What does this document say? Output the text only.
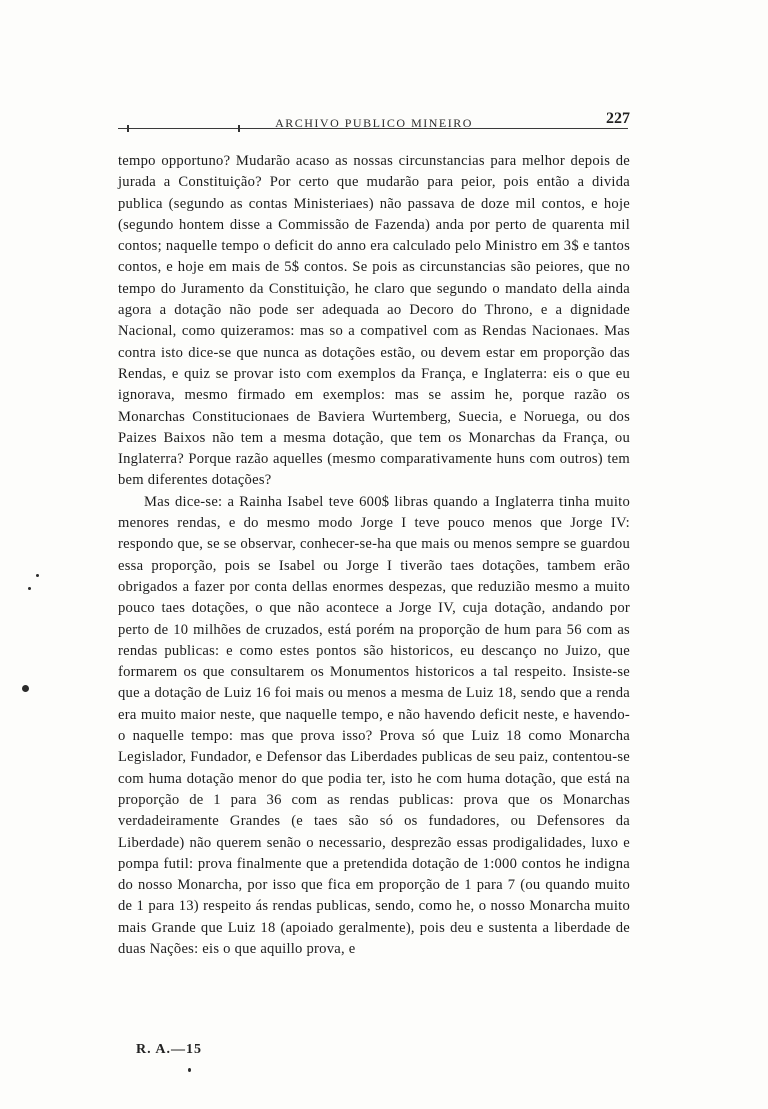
ARCHIVO PUBLICO MINEIRO	227

tempo opportuno? Mudarão acaso as nossas circunstancias para melhor depois de jurada a Constituição? Por certo que mudarão para peior, pois então a divida publica (segundo as contas Ministeriaes) não passava de doze mil contos, e hoje (segundo hontem disse a Commissão de Fazenda) anda por perto de quarenta mil contos; naquelle tempo o deficit do anno era calculado pelo Ministro em 3$ e tantos contos, e hoje em mais de 5$ contos. Se pois as circunstancias são peiores, que no tempo do Juramento da Constituição, he claro que segundo o mandato della ainda agora a dotação não pode ser adequada ao Decoro do Throno, e a dignidade Nacional, como quizeramos: mas so a compativel com as Rendas Nacionaes. Mas contra isto dice-se que nunca as dotações estão, ou devem estar em proporção das Rendas, e quiz se provar isto com exemplos da França, e Inglaterra: eis o que eu ignorava, mesmo firmado em exemplos: mas se assim he, porque razão os Monarchas Constitucionaes de Baviera Wurtemberg, Suecia, e Noruega, ou dos Paizes Baixos não tem a mesma dotação, que tem os Monarchas da França, ou Inglaterra? Porque razão aquelles (mesmo comparativamente huns com outros) tem bem diferentes dotações?

Mas dice-se: a Rainha Isabel teve 600$ libras quando a Inglaterra tinha muito menores rendas, e do mesmo modo Jorge I teve pouco menos que Jorge IV: respondo que, se se observar, conhecer-se-ha que mais ou menos sempre se guardou essa proporção, pois se Isabel ou Jorge I tiverão taes dotações, tambem erão obrigados a fazer por conta dellas enormes despezas, que reduzião mesmo a muito pouco taes dotações, o que não acontece a Jorge IV, cuja dotação, andando por perto de 10 milhões de cruzados, está porém na proporção de hum para 56 com as rendas publicas: e como estes pontos são historicos, eu descanço no Juizo, que formarem os que consultarem os Monumentos historicos a tal respeito. Insiste-se que a dotação de Luiz 16 foi mais ou menos a mesma de Luiz 18, sendo que a renda era muito maior neste, que naquelle tempo, e não havendo deficit neste, e havendo-o naquelle tempo: mas que prova isso? Prova só que Luiz 18 como Monarcha Legislador, Fundador, e Defensor das Liberdades publicas de seu paiz, contentou-se com huma dotação menor do que podia ter, isto he com huma dotação, que está na proporção de 1 para 36 com as rendas publicas: prova que os Monarchas verdadeiramente Grandes (e taes são só os fundadores, ou Defensores da Liberdade) não querem senão o necessario, desprezão essas prodigalidades, luxo e pompa futil: prova finalmente que a pretendida dotação de 1:000 contos he indigna do nosso Monarcha, por isso que fica em proporção de 1 para 7 (ou quando muito de 1 para 13) respeito ás rendas publicas, sendo, como he, o nosso Monarcha muito mais Grande que Luiz 18 (apoiado geralmente), pois deu e sustenta a liberdade de duas Nações: eis o que aquillo prova, e

R. A.—15
